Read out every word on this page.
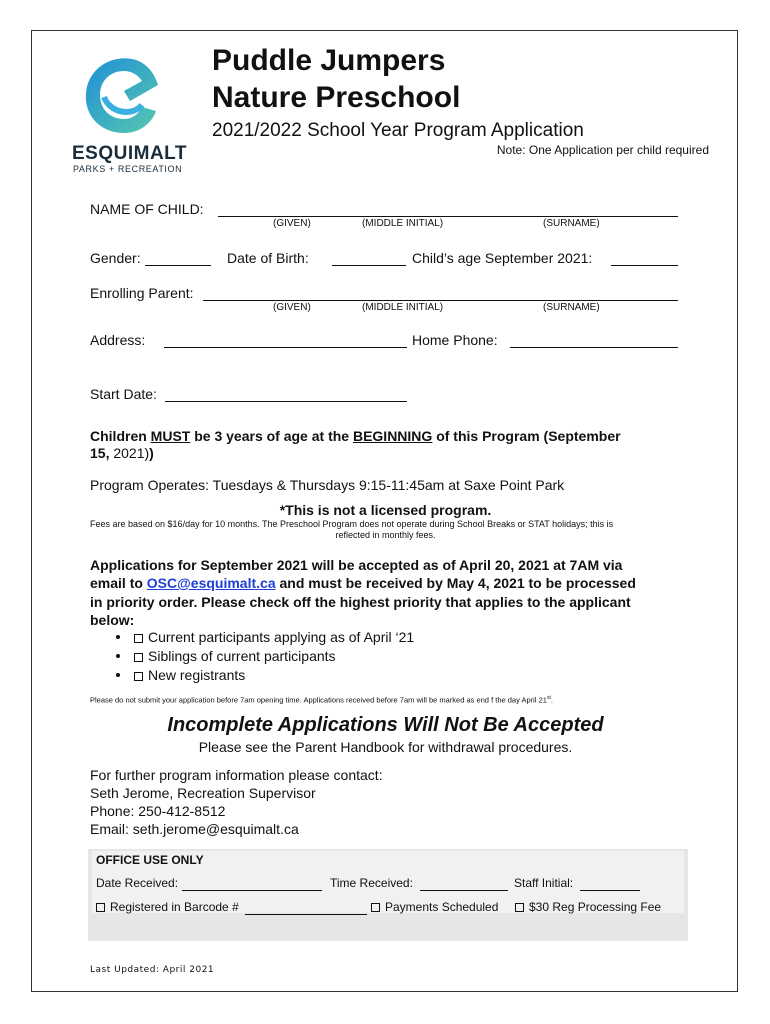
ESQUIMALT
PARKS + RECREATION
Puddle Jumpers
Nature Preschool
2021/2022 School Year Program Application
Note: One Application per child required
NAME OF CHILD:
(GIVEN)	(MIDDLE INITIAL)	(SURNAME)
Gender:	Date of Birth:	Child’s age September 2021:
Enrolling Parent:
(GIVEN)	(MIDDLE INITIAL)	(SURNAME)
Address:	Home Phone:
Start Date:
Children MUST be 3 years of age at the BEGINNING of this Program (September
15, 2021))
Program Operates: Tuesdays & Thursdays 9:15-11:45am at Saxe Point Park
*This is not a licensed program.
Fees are based on $16/day for 10 months. The Preschool Program does not operate during School Breaks or STAT holidays; this is
reflected in monthly fees.
Applications for September 2021 will be accepted as of April 20, 2021 at 7AM via
email to OSC@esquimalt.ca and must be received by May 4, 2021 to be processed
in priority order. Please check off the highest priority that applies to the applicant
below:
Current participants applying as of April ‘21
Siblings of current participants
New registrants
Please do not submit your application before 7am opening time. Applications received before 7am will be marked as end f the day April 21st.
Incomplete Applications Will Not Be Accepted
Please see the Parent Handbook for withdrawal procedures.
For further program information please contact:
Seth Jerome, Recreation Supervisor
Phone: 250-412-8512
Email: seth.jerome@esquimalt.ca
OFFICE USE ONLY
Date Received:	Time Received:	Staff Initial:
Registered in Barcode #	Payments Scheduled	$30 Reg Processing Fee
Last Updated: April 2021
